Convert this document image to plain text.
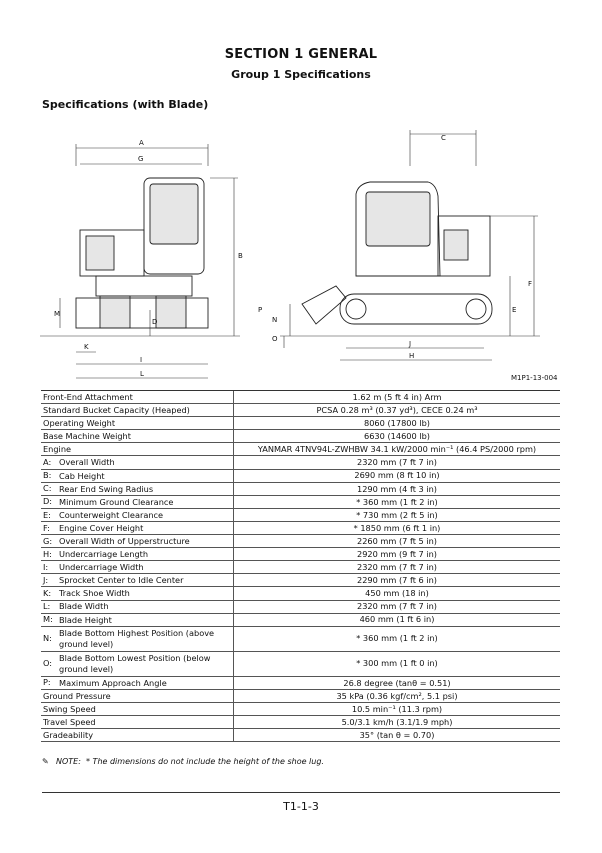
SECTION 1 GENERAL
Group 1 Specifications
Specifications (with Blade)
A
G
B
M
D
K
I
L
C
F
E
P
N
O
J
H
M1P1-13-004
Front-End Attachment	1.62 m (5 ft 4 in) Arm
Standard Bucket Capacity (Heaped)	PCSA 0.28 m³ (0.37 yd³), CECE 0.24 m³
Operating Weight	8060 (17800 lb)
Base Machine Weight	6630 (14600 lb)
Engine	YANMAR 4TNV94L-ZWHBW 34.1 kW/2000 min⁻¹ (46.4 PS/2000 rpm)
A: Overall Width	2320 mm (7 ft 7 in)
B: Cab Height	2690 mm (8 ft 10 in)
C: Rear End Swing Radius	1290 mm (4 ft 3 in)
D: Minimum Ground Clearance	* 360 mm (1 ft 2 in)
E: Counterweight Clearance	* 730 mm (2 ft 5 in)
F: Engine Cover Height	* 1850 mm (6 ft 1 in)
G: Overall Width of Upperstructure	2260 mm (7 ft 5 in)
H: Undercarriage Length	2920 mm (9 ft 7 in)
I: Undercarriage Width	2320 mm (7 ft 7 in)
J: Sprocket Center to Idle Center	2290 mm (7 ft 6 in)
K: Track Shoe Width	450 mm (18 in)
L: Blade Width	2320 mm (7 ft 7 in)
M: Blade Height	460 mm (1 ft 6 in)
N: Blade Bottom Highest Position (above ground level)	* 360 mm (1 ft 2 in)
O: Blade Bottom Lowest Position (below ground level)	* 300 mm (1 ft 0 in)
P: Maximum Approach Angle	26.8 degree (tanθ = 0.51)
Ground Pressure	35 kPa (0.36 kgf/cm², 5.1 psi)
Swing Speed	10.5 min⁻¹ (11.3 rpm)
Travel Speed	5.0/3.1 km/h (3.1/1.9 mph)
Gradeability	35° (tan θ = 0.70)
✎ NOTE: * The dimensions do not include the height of the shoe lug.
T1-1-3
